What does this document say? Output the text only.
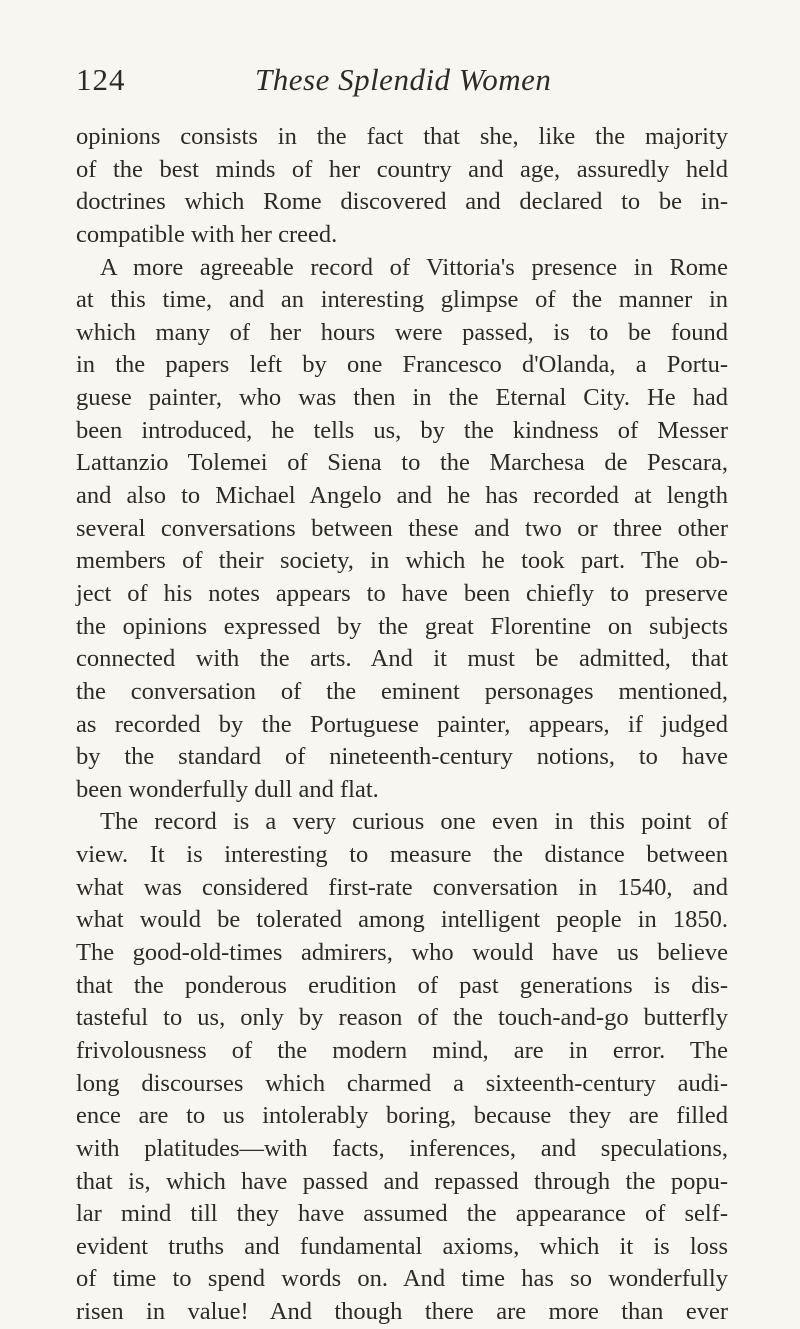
124	These Splendid Women
opinions consists in the fact that she, like the majority
of the best minds of her country and age, assuredly held
doctrines which Rome discovered and declared to be in-
compatible with her creed.
A more agreeable record of Vittoria's presence in Rome
at this time, and an interesting glimpse of the manner in
which many of her hours were passed, is to be found
in the papers left by one Francesco d'Olanda, a Portu-
guese painter, who was then in the Eternal City. He had
been introduced, he tells us, by the kindness of Messer
Lattanzio Tolemei of Siena to the Marchesa de Pescara,
and also to Michael Angelo and he has recorded at length
several conversations between these and two or three other
members of their society, in which he took part. The ob-
ject of his notes appears to have been chiefly to preserve
the opinions expressed by the great Florentine on subjects
connected with the arts. And it must be admitted, that
the conversation of the eminent personages mentioned,
as recorded by the Portuguese painter, appears, if judged
by the standard of nineteenth-century notions, to have
been wonderfully dull and flat.
The record is a very curious one even in this point of
view. It is interesting to measure the distance between
what was considered first-rate conversation in 1540, and
what would be tolerated among intelligent people in 1850.
The good-old-times admirers, who would have us believe
that the ponderous erudition of past generations is dis-
tasteful to us, only by reason of the touch-and-go butterfly
frivolousness of the modern mind, are in error. The
long discourses which charmed a sixteenth-century audi-
ence are to us intolerably boring, because they are filled
with platitudes—with facts, inferences, and speculations,
that is, which have passed and repassed through the popu-
lar mind till they have assumed the appearance of self-
evident truths and fundamental axioms, which it is loss
of time to spend words on. And time has so wonderfully
risen in value! And though there are more than ever
